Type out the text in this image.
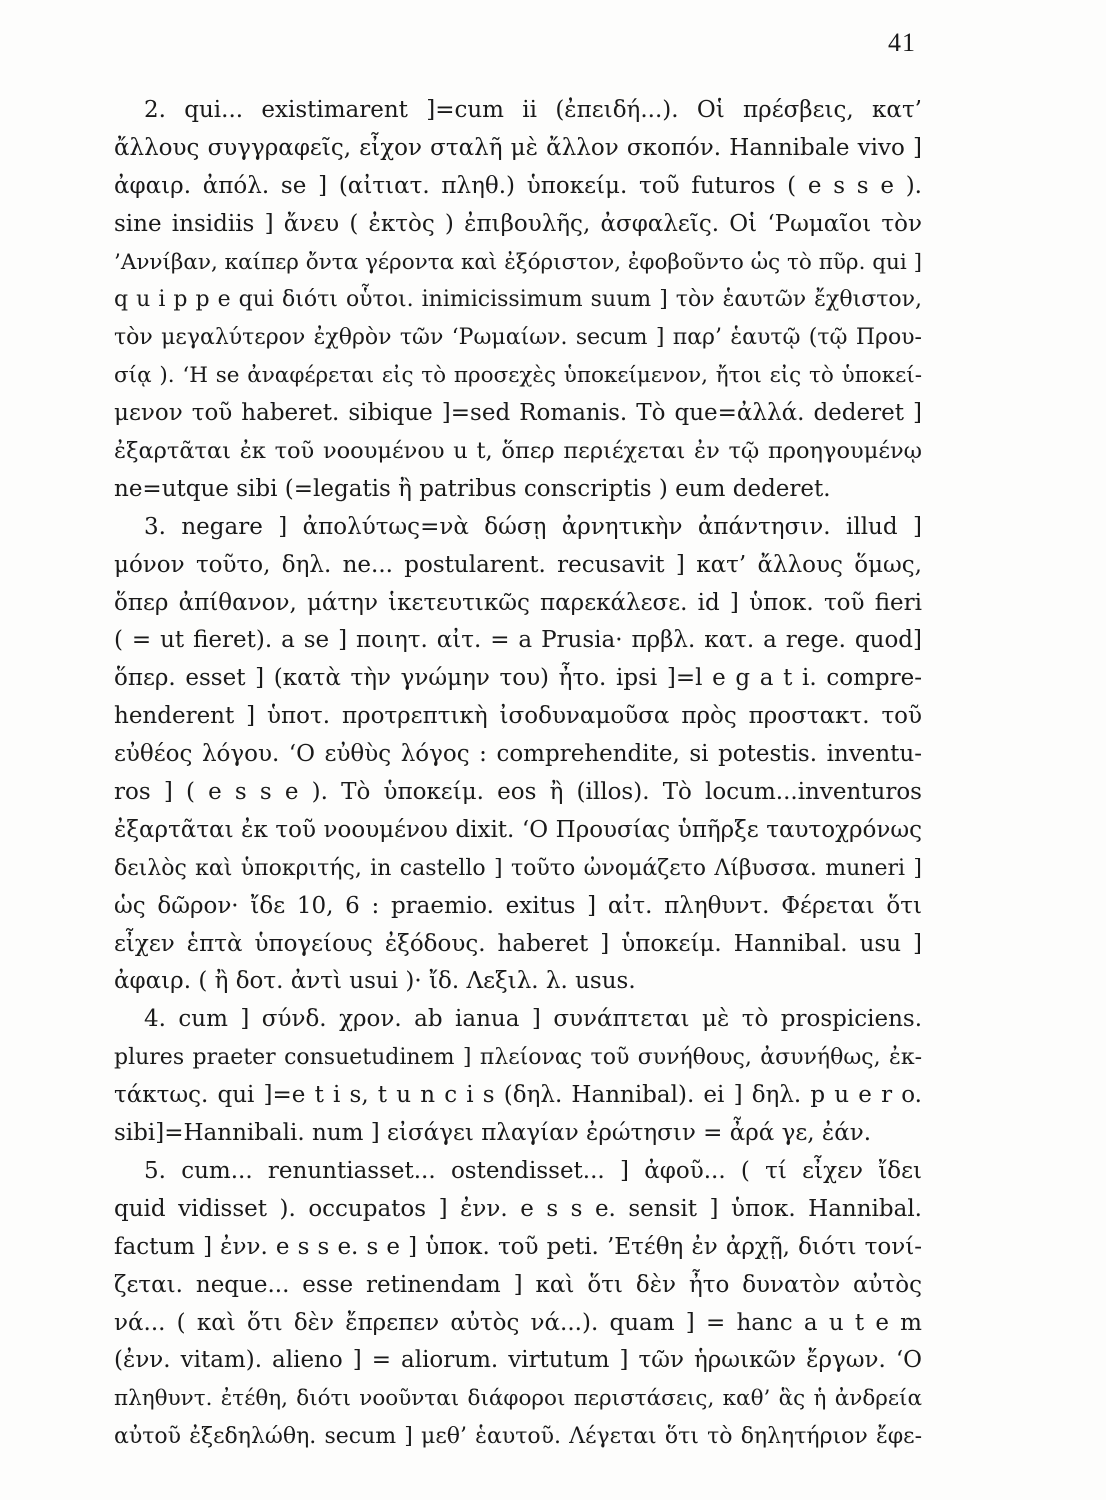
41
2. qui... existimarent ]=cum ii (ἐπειδή...). Οἱ πρέσβεις, κατ’
ἄλλους συγγραφεῖς, εἶχον σταλῆ μὲ ἄλλον σκοπόν. Hannibale vivo ]
ἀφαιρ. ἀπόλ. se ] (αἰτιατ. πληθ.) ὑποκείμ. τοῦ futuros ( e s s e ).
sine insidiis ] ἄνευ ( ἐκτὸς ) ἐπιβουλῆς, ἀσφαλεῖς. Οἱ ‘Ρωμαῖοι τὸν
’Αννίβαν, καίπερ ὄντα γέροντα καὶ ἐξόριστον, ἐφοβοῦντο ὡς τὸ πῦρ. qui ]
q u i p p e qui διότι οὗτοι. inimicissimum suum ] τὸν ἑαυτῶν ἔχθιστον,
τὸν μεγαλύτερον ἐχθρὸν τῶν ‘Ρωμαίων. secum ] παρ’ ἑαυτῷ (τῷ Πρου-
σίᾳ ). ‘Η se ἀναφέρεται εἰς τὸ προσεχὲς ὑποκείμενον, ἤτοι εἰς τὸ ὑποκεί-
μενον τοῦ haberet. sibique ]=sed Romanis. Τὸ que=ἀλλά. dederet ]
ἐξαρτᾶται ἐκ τοῦ νοουμένου u t, ὅπερ περιέχεται ἐν τῷ προηγουμένῳ
ne=utque sibi (=legatis ἢ patribus conscriptis ) eum dederet.
3. negare ] ἀπολύτως=νὰ δώσῃ ἀρνητικὴν ἀπάντησιν. illud ]
μόνον τοῦτο, δηλ. ne... postularent. recusavit ] κατ’ ἄλλους ὅμως,
ὅπερ ἀπίθανον, μάτην ἱκετευτικῶς παρεκάλεσε. id ] ὑποκ. τοῦ fieri
( = ut fieret). a se ] ποιητ. αἰτ. = a Prusia· πρβλ. κατ. a rege. quod]
ὅπερ. esset ] (κατὰ τὴν γνώμην του) ἦτο. ipsi ]=l e g a t i. compre-
henderent ] ὑποτ. προτρεπτικὴ ἰσοδυναμοῦσα πρὸς προστακτ. τοῦ
εὐθέος λόγου. ‘Ο εὐθὺς λόγος : comprehendite, si potestis. inventu-
ros ] ( e s s e ). Τὸ ὑποκείμ. eos ἢ (illos). Τὸ locum...inventuros
ἐξαρτᾶται ἐκ τοῦ νοουμένου dixit. ‘Ο Προυσίας ὑπῆρξε ταυτοχρόνως
δειλὸς καὶ ὑποκριτής, in castello ] τοῦτο ὠνομάζετο Λίβυσσα. muneri ]
ὡς δῶρον· ἴδε 10, 6 : praemio. exitus ] αἰτ. πληθυντ. Φέρεται ὅτι
εἶχεν ἑπτὰ ὑπογείους ἐξόδους. haberet ] ὑποκείμ. Hannibal. usu ]
ἀφαιρ. ( ἢ δοτ. ἀντὶ usui )· ἴδ. Λεξιλ. λ. usus.
4. cum ] σύνδ. χρον. ab ianua ] συνάπτεται μὲ τὸ prospiciens.
plures praeter consuetudinem ] πλείονας τοῦ συνήθους, ἀσυνήθως, ἐκ-
τάκτως. qui ]=e t i s, t u n c i s (δηλ. Hannibal). ei ] δηλ. p u e r o.
sibi]=Hannibali. num ] εἰσάγει πλαγίαν ἐρώτησιν = ἆρά γε, ἐάν.
5. cum... renuntiasset... ostendisset... ] ἀφοῦ... ( τί εἶχεν ἴδει
quid vidisset ). occupatos ] ἐνν. e s s e. sensit ] ὑποκ. Hannibal.
factum ] ἐνν. e s s e. s e ] ὑποκ. τοῦ peti. ’Ετέθη ἐν ἀρχῇ, διότι τονί-
ζεται. neque... esse retinendam ] καὶ ὅτι δὲν ἦτο δυνατὸν αὐτὸς
νά... ( καὶ ὅτι δὲν ἔπρεπεν αὐτὸς νά...). quam ] = hanc a u t e m
(ἐνν. vitam). alieno ] = aliorum. virtutum ] τῶν ἡρωικῶν ἔργων. ‘Ο
πληθυντ. ἐτέθη, διότι νοοῦνται διάφοροι περιστάσεις, καθ’ ἃς ἡ ἀνδρεία
αὐτοῦ ἐξεδηλώθη. secum ] μεθ’ ἑαυτοῦ. Λέγεται ὅτι τὸ δηλητήριον ἔφε-
